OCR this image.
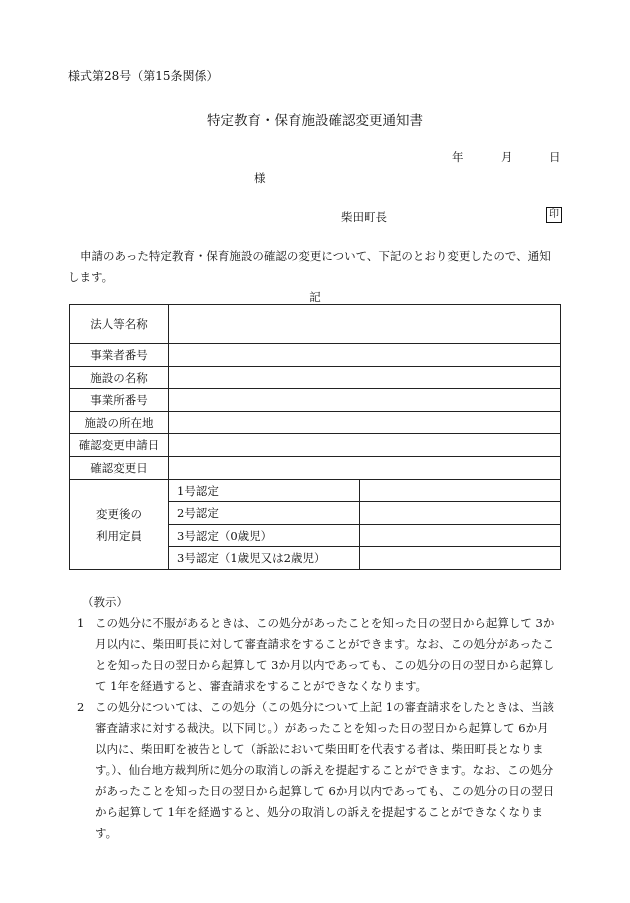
様式第28号（第15条関係）
特定教育・保育施設確認変更通知書
年	月	日
様
柴田町長	印
申請のあった特定教育・保育施設の確認の変更について、下記のとおり変更したので、通知します。
記
法人等名称		
事業者番号		
施設の名称		
事業所番号		
施設の所在地		
確認変更申請日		
確認変更日		
変更後の
利用定員	1号認定	
	2号認定	
	3号認定（0歳児）	
	3号認定（1歳児又は2歳児）	
（教示）
1 この処分に不服があるときは、この処分があったことを知った日の翌日から起算して 3か月以内に、柴田町長に対して審査請求をすることができます。なお、この処分があったことを知った日の翌日から起算して 3か月以内であっても、この処分の日の翌日から起算して 1年を経過すると、審査請求をすることができなくなります。
2 この処分については、この処分（この処分について上記 1の審査請求をしたときは、当該審査請求に対する裁決。以下同じ。）があったことを知った日の翌日から起算して 6か月以内に、柴田町を被告として（訴訟において柴田町を代表する者は、柴田町長となります。）、仙台地方裁判所に処分の取消しの訴えを提起することができます。なお、この処分があったことを知った日の翌日から起算して 6か月以内であっても、この処分の日の翌日から起算して 1年を経過すると、処分の取消しの訴えを提起することができなくなります。
